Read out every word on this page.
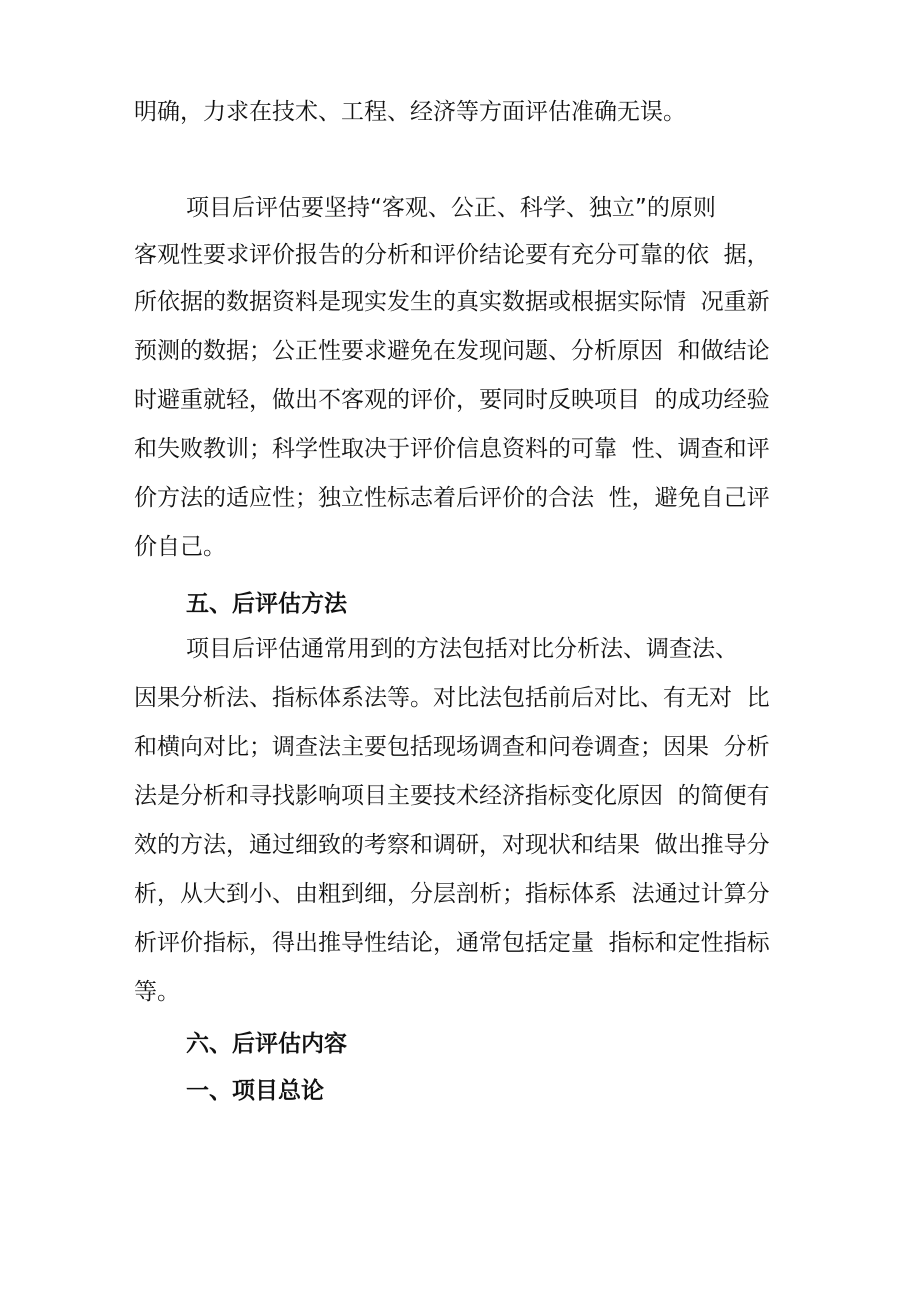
明确，力求在技术、工程、经济等方面评估准确无误。
项目后评估要坚持“客观、公正、科学、独立”的原则
客观性要求评价报告的分析和评价结论要有充分可靠的依  据，
所依据的数据资料是现实发生的真实数据或根据实际情  况重新
预测的数据；公正性要求避免在发现问题、分析原因  和做结论
时避重就轻，做出不客观的评价，要同时反映项目  的成功经验
和失败教训；科学性取决于评价信息资料的可靠  性、调查和评
价方法的适应性；独立性标志着后评价的合法  性，避免自己评
价自己。
五、后评估方法
项目后评估通常用到的方法包括对比分析法、调查法、
因果分析法、指标体系法等。对比法包括前后对比、有无对  比
和横向对比；调查法主要包括现场调查和问卷调查；因果  分析
法是分析和寻找影响项目主要技术经济指标变化原因  的简便有
效的方法，通过细致的考察和调研，对现状和结果  做出推导分
析，从大到小、由粗到细，分层剖析；指标体系  法通过计算分
析评价指标，得出推导性结论，通常包括定量  指标和定性指标
等。
六、后评估内容
一、项目总论
